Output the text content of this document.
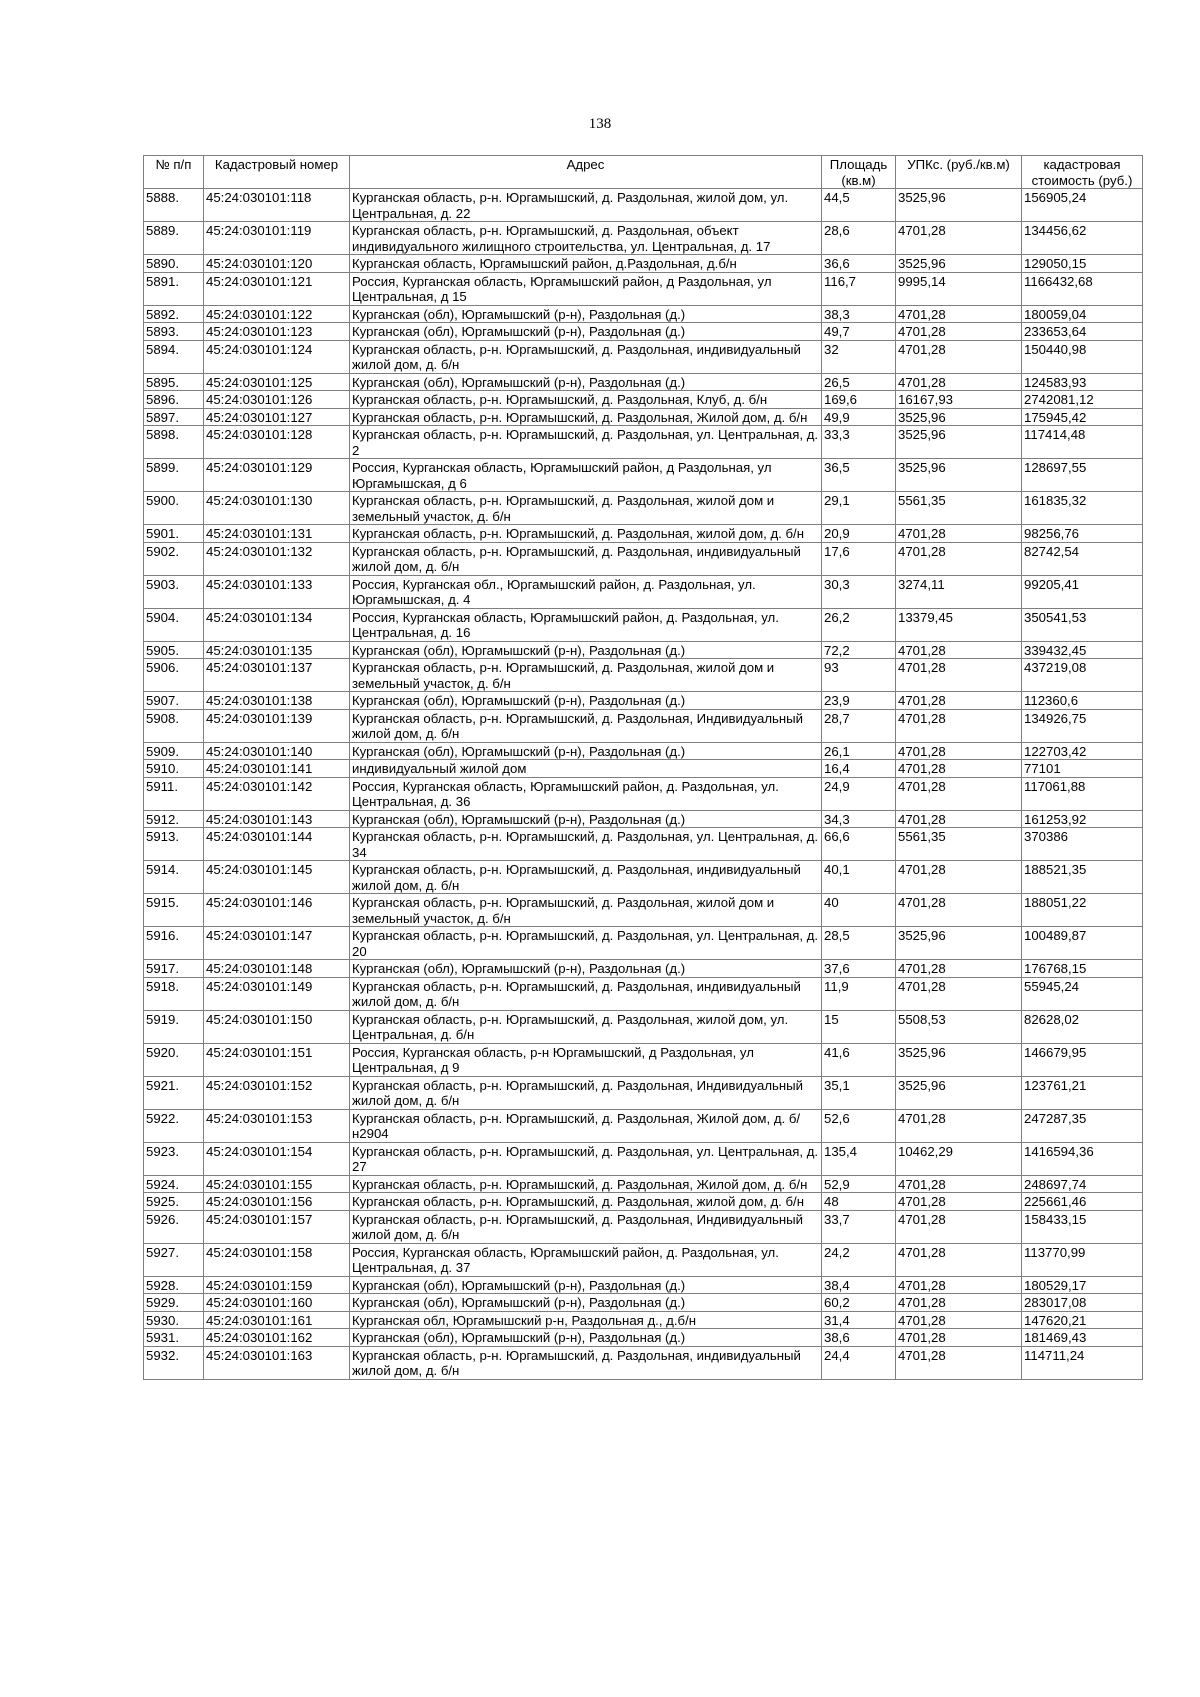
138
№ п/п	Кадастровый номер	Адрес	Площадь (кв.м)	УПКс. (руб./кв.м)	кадастровая стоимость (руб.)
5888.	45:24:030101:118	Курганская область, р-н. Юргамышский, д. Раздольная, жилой дом, ул. Центральная, д. 22	44,5	3525,96	156905,24
5889.	45:24:030101:119	Курганская область, р-н. Юргамышский, д. Раздольная, объект индивидуального жилищного строительства, ул. Центральная, д. 17	28,6	4701,28	134456,62
5890.	45:24:030101:120	Курганская область, Юргамышский район, д.Раздольная, д.б/н	36,6	3525,96	129050,15
5891.	45:24:030101:121	Россия, Курганская область, Юргамышский район, д Раздольная, ул Центральная, д 15	116,7	9995,14	1166432,68
5892.	45:24:030101:122	Курганская (обл), Юргамышский (р-н), Раздольная (д.)	38,3	4701,28	180059,04
5893.	45:24:030101:123	Курганская (обл), Юргамышский (р-н), Раздольная (д.)	49,7	4701,28	233653,64
5894.	45:24:030101:124	Курганская область, р-н. Юргамышский, д. Раздольная, индивидуальный жилой дом, д. б/н	32	4701,28	150440,98
5895.	45:24:030101:125	Курганская (обл), Юргамышский (р-н), Раздольная (д.)	26,5	4701,28	124583,93
5896.	45:24:030101:126	Курганская область, р-н. Юргамышский, д. Раздольная, Клуб, д. б/н	169,6	16167,93	2742081,12
5897.	45:24:030101:127	Курганская область, р-н. Юргамышский, д. Раздольная, Жилой дом, д. б/н	49,9	3525,96	175945,42
5898.	45:24:030101:128	Курганская область, р-н. Юргамышский, д. Раздольная, ул. Центральная, д. 2	33,3	3525,96	117414,48
5899.	45:24:030101:129	Россия, Курганская область, Юргамышский район, д Раздольная, ул Юргамышская, д 6	36,5	3525,96	128697,55
5900.	45:24:030101:130	Курганская область, р-н. Юргамышский, д. Раздольная, жилой дом и земельный участок, д. б/н	29,1	5561,35	161835,32
5901.	45:24:030101:131	Курганская область, р-н. Юргамышский, д. Раздольная, жилой дом, д. б/н	20,9	4701,28	98256,76
5902.	45:24:030101:132	Курганская область, р-н. Юргамышский, д. Раздольная, индивидуальный жилой дом, д. б/н	17,6	4701,28	82742,54
5903.	45:24:030101:133	Россия, Курганская обл., Юргамышский район, д. Раздольная, ул. Юргамышская, д. 4	30,3	3274,11	99205,41
5904.	45:24:030101:134	Россия, Курганская область, Юргамышский район, д. Раздольная, ул. Центральная, д. 16	26,2	13379,45	350541,53
5905.	45:24:030101:135	Курганская (обл), Юргамышский (р-н), Раздольная (д.)	72,2	4701,28	339432,45
5906.	45:24:030101:137	Курганская область, р-н. Юргамышский, д. Раздольная, жилой дом и земельный участок, д. б/н	93	4701,28	437219,08
5907.	45:24:030101:138	Курганская (обл), Юргамышский (р-н), Раздольная (д.)	23,9	4701,28	112360,6
5908.	45:24:030101:139	Курганская область, р-н. Юргамышский, д. Раздольная, Индивидуальный жилой дом, д. б/н	28,7	4701,28	134926,75
5909.	45:24:030101:140	Курганская (обл), Юргамышский (р-н), Раздольная (д.)	26,1	4701,28	122703,42
5910.	45:24:030101:141	индивидуальный жилой дом	16,4	4701,28	77101
5911.	45:24:030101:142	Россия, Курганская область, Юргамышский район, д. Раздольная, ул. Центральная, д. 36	24,9	4701,28	117061,88
5912.	45:24:030101:143	Курганская (обл), Юргамышский (р-н), Раздольная (д.)	34,3	4701,28	161253,92
5913.	45:24:030101:144	Курганская область, р-н. Юргамышский, д. Раздольная, ул. Центральная, д. 34	66,6	5561,35	370386
5914.	45:24:030101:145	Курганская область, р-н. Юргамышский, д. Раздольная, индивидуальный жилой дом, д. б/н	40,1	4701,28	188521,35
5915.	45:24:030101:146	Курганская область, р-н. Юргамышский, д. Раздольная, жилой дом и земельный участок, д. б/н	40	4701,28	188051,22
5916.	45:24:030101:147	Курганская область, р-н. Юргамышский, д. Раздольная, ул. Центральная, д. 20	28,5	3525,96	100489,87
5917.	45:24:030101:148	Курганская (обл), Юргамышский (р-н), Раздольная (д.)	37,6	4701,28	176768,15
5918.	45:24:030101:149	Курганская область, р-н. Юргамышский, д. Раздольная, индивидуальный жилой дом, д. б/н	11,9	4701,28	55945,24
5919.	45:24:030101:150	Курганская область, р-н. Юргамышский, д. Раздольная, жилой дом, ул. Центральная, д. б/н	15	5508,53	82628,02
5920.	45:24:030101:151	Россия, Курганская область, р-н Юргамышский, д Раздольная, ул Центральная, д 9	41,6	3525,96	146679,95
5921.	45:24:030101:152	Курганская область, р-н. Юргамышский, д. Раздольная, Индивидуальный жилой дом, д. б/н	35,1	3525,96	123761,21
5922.	45:24:030101:153	Курганская область, р-н. Юргамышский, д. Раздольная, Жилой дом, д. б/н2904	52,6	4701,28	247287,35
5923.	45:24:030101:154	Курганская область, р-н. Юргамышский, д. Раздольная, ул. Центральная, д. 27	135,4	10462,29	1416594,36
5924.	45:24:030101:155	Курганская область, р-н. Юргамышский, д. Раздольная, Жилой дом, д. б/н	52,9	4701,28	248697,74
5925.	45:24:030101:156	Курганская область, р-н. Юргамышский, д. Раздольная, жилой дом, д. б/н	48	4701,28	225661,46
5926.	45:24:030101:157	Курганская область, р-н. Юргамышский, д. Раздольная, Индивидуальный жилой дом, д. б/н	33,7	4701,28	158433,15
5927.	45:24:030101:158	Россия, Курганская область, Юргамышский район, д. Раздольная, ул. Центральная, д. 37	24,2	4701,28	113770,99
5928.	45:24:030101:159	Курганская (обл), Юргамышский (р-н), Раздольная (д.)	38,4	4701,28	180529,17
5929.	45:24:030101:160	Курганская (обл), Юргамышский (р-н), Раздольная (д.)	60,2	4701,28	283017,08
5930.	45:24:030101:161	Курганская обл, Юргамышский р-н, Раздольная д., д.б/н	31,4	4701,28	147620,21
5931.	45:24:030101:162	Курганская (обл), Юргамышский (р-н), Раздольная (д.)	38,6	4701,28	181469,43
5932.	45:24:030101:163	Курганская область, р-н. Юргамышский, д. Раздольная, индивидуальный жилой дом, д. б/н	24,4	4701,28	114711,24
